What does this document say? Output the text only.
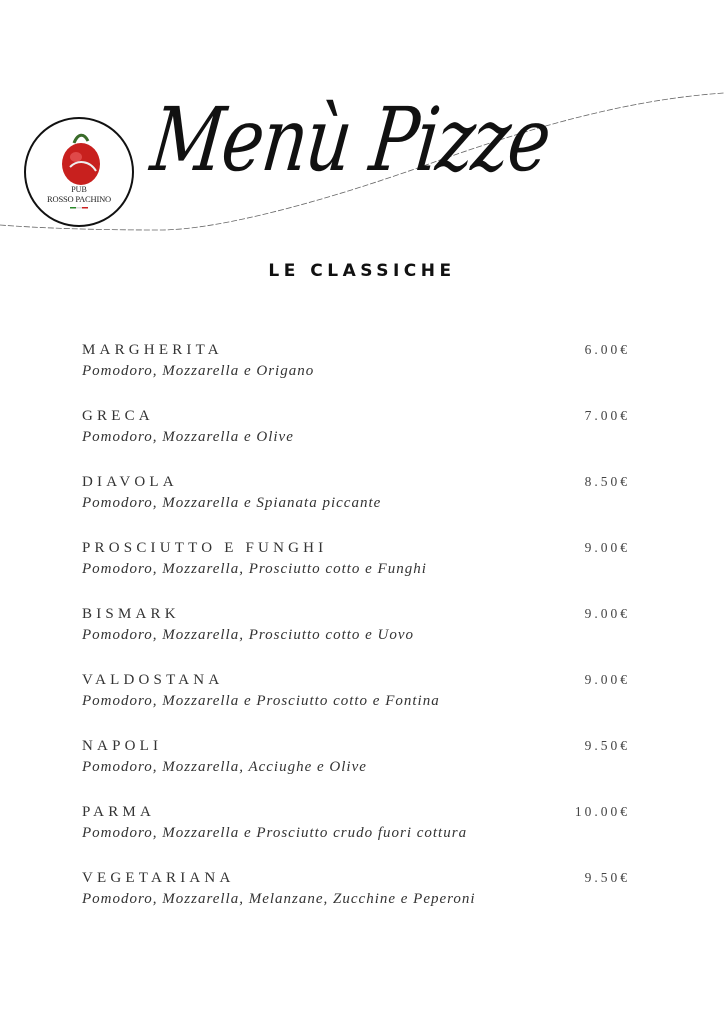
PUB
ROSSO PACHINO
Menù Pizze
LE CLASSICHE
MARGHERITA
Pomodoro, Mozzarella e Origano
6.00€
GRECA
Pomodoro, Mozzarella e Olive
7.00€
DIAVOLA
Pomodoro, Mozzarella e Spianata piccante
8.50€
PROSCIUTTO E FUNGHI
Pomodoro, Mozzarella, Prosciutto cotto e Funghi
9.00€
BISMARK
Pomodoro, Mozzarella, Prosciutto cotto e Uovo
9.00€
VALDOSTANA
Pomodoro, Mozzarella e Prosciutto cotto e Fontina
9.00€
NAPOLI
Pomodoro, Mozzarella, Acciughe e Olive
9.50€
PARMA
Pomodoro, Mozzarella e Prosciutto crudo fuori cottura
10.00€
VEGETARIANA
Pomodoro, Mozzarella, Melanzane, Zucchine e Peperoni
9.50€
